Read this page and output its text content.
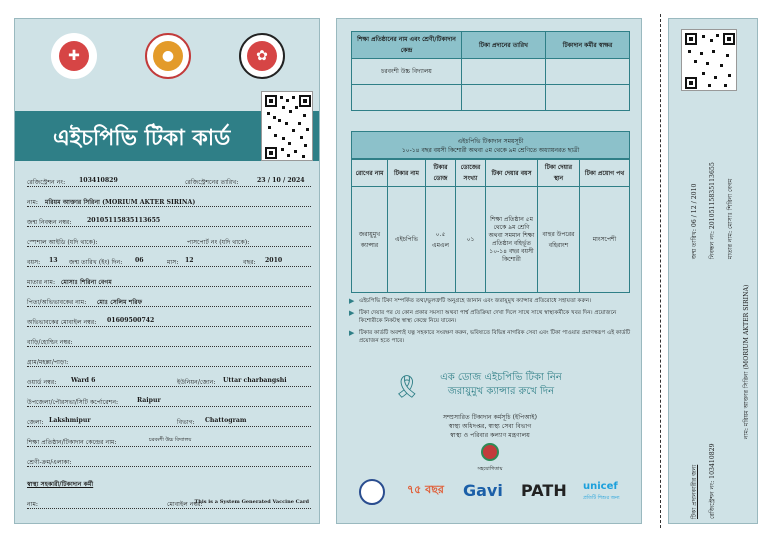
✚	●	✿
এইচপিভি টিকা কার্ড
রেজিস্ট্রেশন নং: 103410829	রেজিস্ট্রেশনের তারিখ:	23 / 10 / 2024
নাম: মরিয়ম আক্তার সিরিনা (MORIUM AKTER SIRINA)
জন্ম নিবন্ধন নম্বর:	20105115835113655
স্পেশাল আইডি (যদি থাকে):	পাসপোর্ট নং (যদি থাকে):
বয়স: 13 জন্ম তারিখ (ইং) দিন: 06	মাস: 12	বছর: 2010
মাতার নাম: মোসাঃ শিরিনা বেগম
পিতা/অভিভাবকের নাম: মোঃ সেলিম শরিফ
অভিভাবকের মোবাইল নম্বর: 01609500742
বাড়ি/হোল্ডিং নম্বর:
গ্রাম/মহল্লা/পাড়া:
ওয়ার্ড নম্বর: Ward 6	ইউনিয়ন/জোন: Uttar charbangshi
উপজেলা/পৌরসভা/সিটি কর্পোরেশন:	Raipur
জেলা: Lakshmipur	বিভাগ: Chattogram
শিক্ষা প্রতিষ্ঠান/টিকাদান কেন্দ্রের নাম:	চরবংশী উচ্চ বিদ্যালয়
শ্রেণী-ক্রম/এলাকা:
স্বাস্থ্য সহকারী/টিকাদান কর্মী
নাম:	মোবাইল নম্বর:
This is a System Generated Vaccine Card
শিক্ষা প্রতিষ্ঠানের নাম এবং শ্রেণী/টিকাদান কেন্দ্র	টিকা প্রদানের তারিখ	টিকাদান কর্মীর স্বাক্ষর
চরবংশী উচ্চ বিদ্যালয়		

এইচপিভি টিকাদান সময়সূচী
১০-১৪ বছর বয়সী কিশোরী অথবা ৫ম থেকে ৯ম শ্রেণিতে অধ্যায়নরত ছাত্রী
রোগের নাম	টিকার নাম	টিকার ডোজ	ডোজের সংখ্যা	টিকা দেয়ার বয়স	টিকা দেয়ার স্থান	টিকা প্রয়োগ পথ
জরায়ুমুখ ক্যান্সার	এইচপিভি	০.৫ এমএল	০১	শিক্ষা প্রতিষ্ঠান ৫ম থেকে ৯ম শ্রেণি অথবা সমমান শিক্ষা প্রতিষ্ঠান বহির্ভূত ১০-১৪ বছর বয়সী কিশোরী	বাহুর উপরের বহিরাংশ	মাংসপেশী
▶ এইচপিভি টিকা সম্পর্কিত তথ্য/ভুলত্রুটি অনুগ্রহে জানান এবং জরায়ুমুখ ক্যান্সার প্রতিরোধে সহায়তা করুন।
▶ টিকা দেয়ার পর যে কোন প্রকার সমস্যা অথবা পার্শ্ব প্রতিক্রিয়া দেখা দিলে সাথে সাথে স্বাস্থ্যকর্মীকে খবর দিন। প্রয়োজনে কিশোরীকে নিকটস্থ স্বাস্থ্য কেন্দ্রে নিয়ে যাবেন।
▶ টিকার কার্ডটি অবশ্যই যত্ন সহকারে সংরক্ষণ করুন, ভবিষ্যতে বিভিন্ন নাগরিক সেবা এবং টিকা পাওয়ার প্রমাণস্বরূপ এই কার্ডটি প্রয়োজন হতে পারে।
🎗	এক ডোজ এইচপিভি টিকা নিন
জরায়ুমুখ ক্যান্সার রুখে দিন
সম্প্রসারিত টিকাদান কর্মসূচি (ইপিআই)
স্বাস্থ্য অধিদপ্তর, স্বাস্থ্য সেবা বিভাগ
স্বাস্থ্য ও পরিবার কল্যাণ মন্ত্রণালয়
সহযোগিতায়
৭৫ বছর Gavi PATH unicef
প্রতিটি শিশুর জন্য
জন্ম তারিখ: 06 / 12 / 2010	নিবন্ধন নং: 20105115835113655	মাতার নাম: মোসাঃ শিরিনা বেগম
নাম: মরিয়ম আক্তার সিরিনা (MORIUM AKTER SIRINA)
টিকা প্রদানকারীর জন্য	রেজিস্ট্রেশন নং: 103410829
